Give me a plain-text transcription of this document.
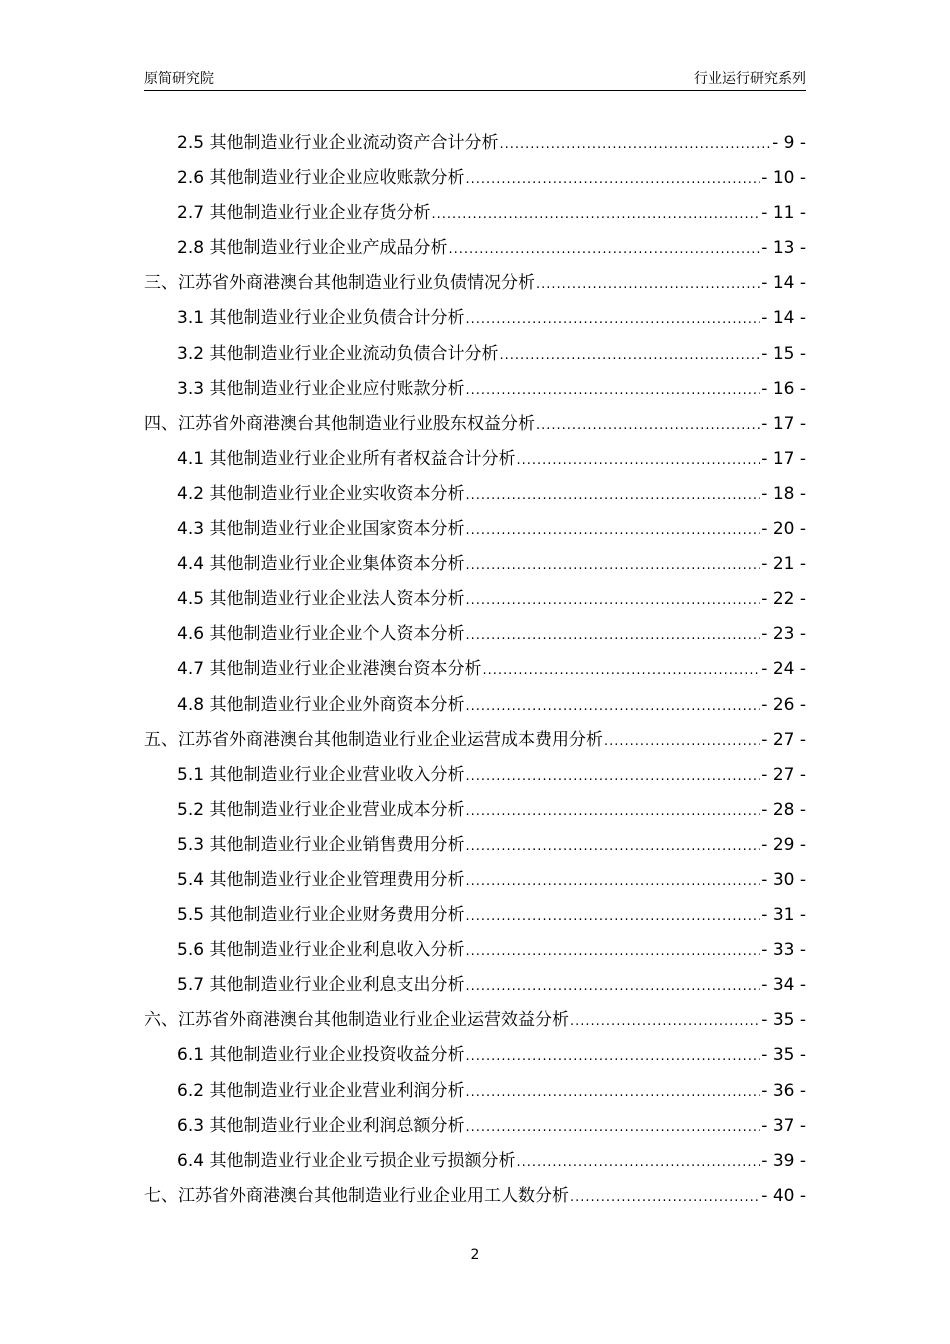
原简研究院	行业运行研究系列
2.5 其他制造业行业企业流动资产合计分析 .....	- 9 -
2.6 其他制造业行业企业应收账款分析 .....	- 10 -
2.7 其他制造业行业企业存货分析 .....	- 11 -
2.8 其他制造业行业企业产成品分析 .....	- 13 -
三、江苏省外商港澳台其他制造业行业负债情况分析 .....	- 14 -
3.1 其他制造业行业企业负债合计分析 .....	- 14 -
3.2 其他制造业行业企业流动负债合计分析 .....	- 15 -
3.3 其他制造业行业企业应付账款分析 .....	- 16 -
四、江苏省外商港澳台其他制造业行业股东权益分析 .....	- 17 -
4.1 其他制造业行业企业所有者权益合计分析 .....	- 17 -
4.2 其他制造业行业企业实收资本分析 .....	- 18 -
4.3 其他制造业行业企业国家资本分析 .....	- 20 -
4.4 其他制造业行业企业集体资本分析 .....	- 21 -
4.5 其他制造业行业企业法人资本分析 .....	- 22 -
4.6 其他制造业行业企业个人资本分析 .....	- 23 -
4.7 其他制造业行业企业港澳台资本分析 .....	- 24 -
4.8 其他制造业行业企业外商资本分析 .....	- 26 -
五、江苏省外商港澳台其他制造业行业企业运营成本费用分析 .....	- 27 -
5.1 其他制造业行业企业营业收入分析 .....	- 27 -
5.2 其他制造业行业企业营业成本分析 .....	- 28 -
5.3 其他制造业行业企业销售费用分析 .....	- 29 -
5.4 其他制造业行业企业管理费用分析 .....	- 30 -
5.5 其他制造业行业企业财务费用分析 .....	- 31 -
5.6 其他制造业行业企业利息收入分析 .....	- 33 -
5.7 其他制造业行业企业利息支出分析 .....	- 34 -
六、江苏省外商港澳台其他制造业行业企业运营效益分析 .....	- 35 -
6.1 其他制造业行业企业投资收益分析 .....	- 35 -
6.2 其他制造业行业企业营业利润分析 .....	- 36 -
6.3 其他制造业行业企业利润总额分析 .....	- 37 -
6.4 其他制造业行业企业亏损企业亏损额分析 .....	- 39 -
七、江苏省外商港澳台其他制造业行业企业用工人数分析 .....	- 40 -
2
